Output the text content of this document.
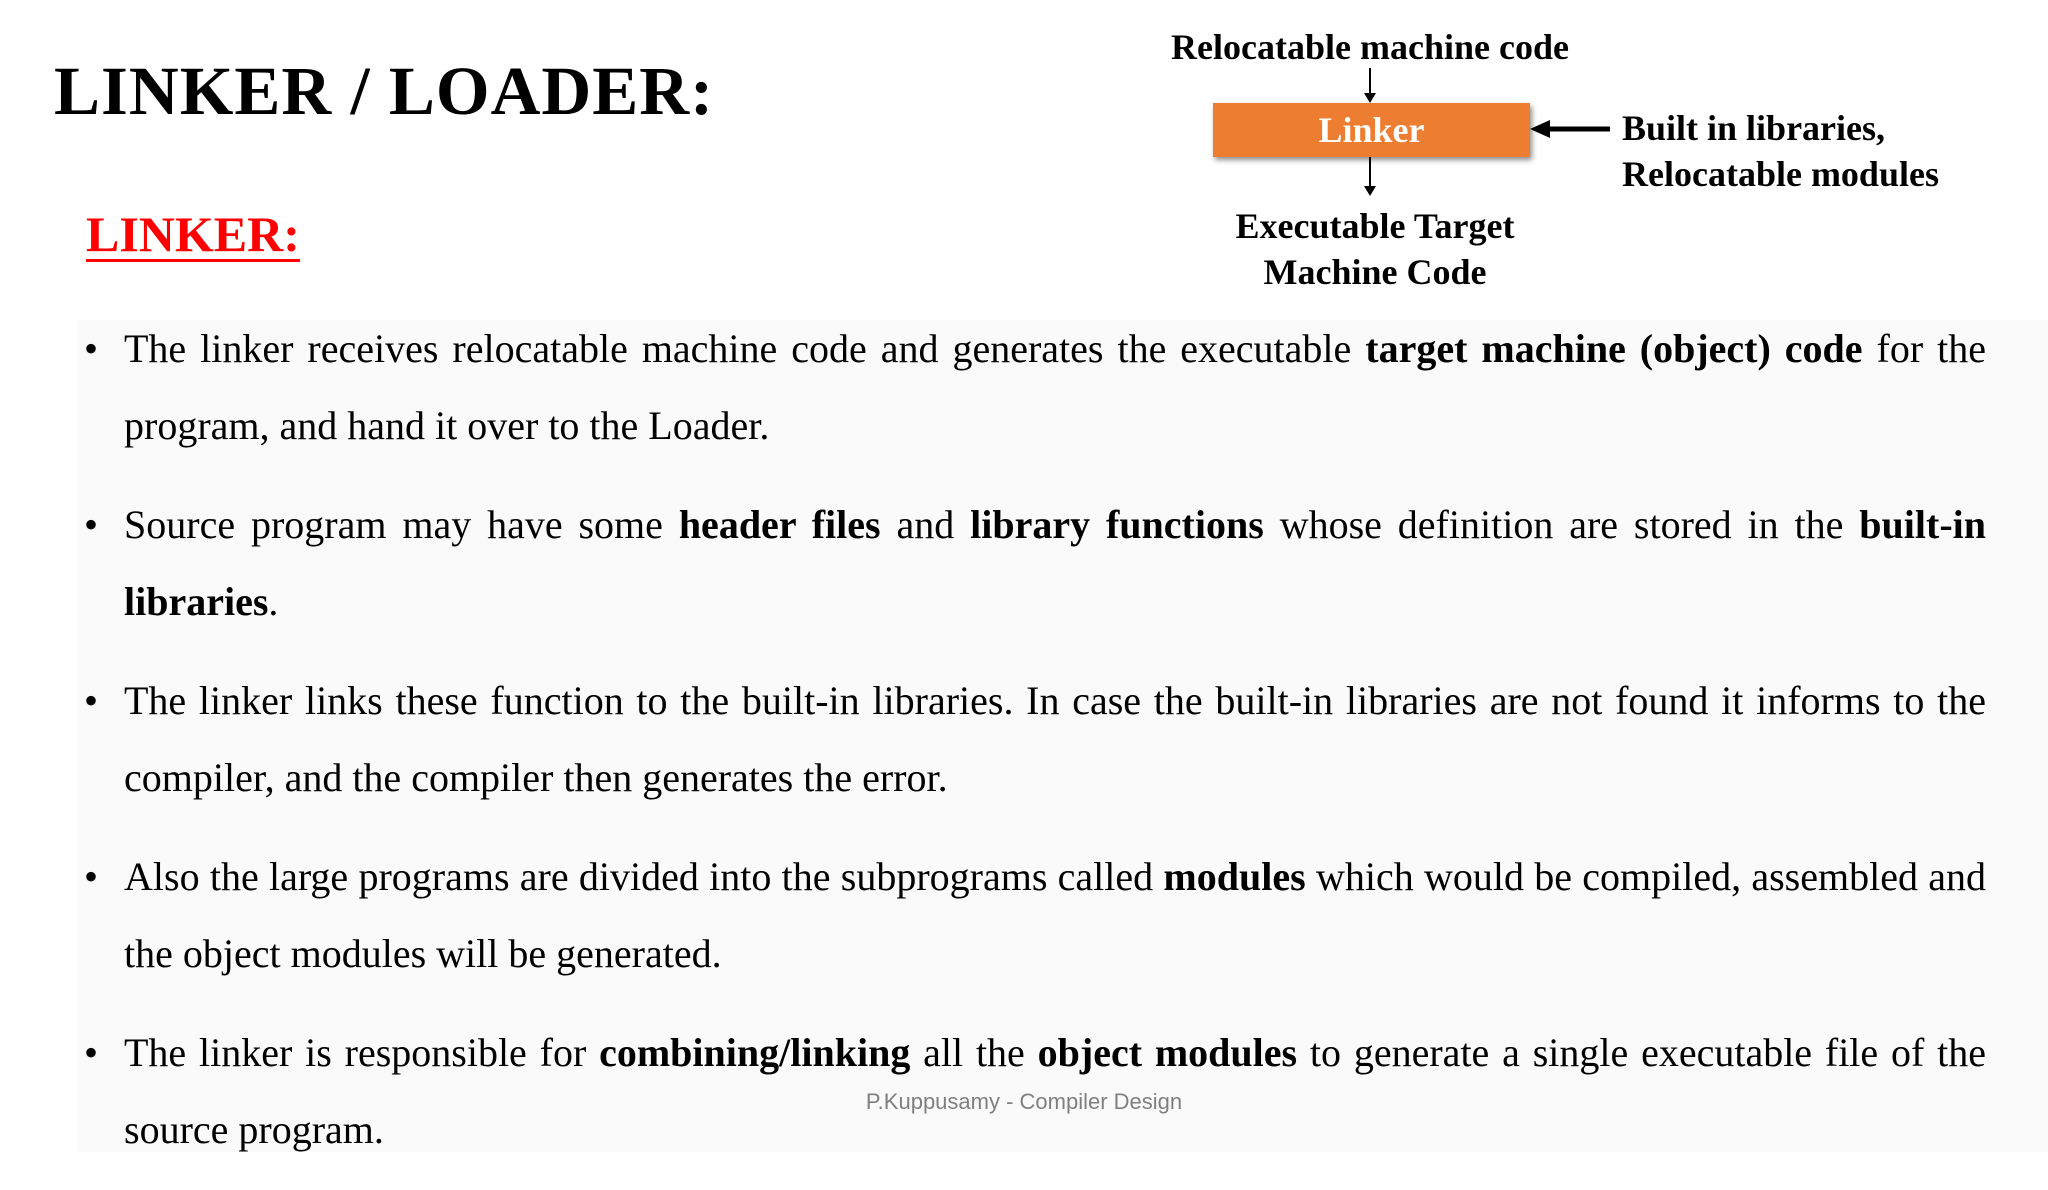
LINKER / LOADER:
LINKER:
Relocatable machine code
Linker	Built in libraries,
Relocatable modules
Executable Target
Machine Code
• The linker receives relocatable machine code and generates the executable target machine (object) code for the program, and hand it over to the Loader.
• Source program may have some header files and library functions whose definition are stored in the built-in libraries.
• The linker links these function to the built-in libraries. In case the built-in libraries are not found it informs to the compiler, and the compiler then generates the error.
• Also the large programs are divided into the subprograms called modules which would be compiled, assembled and the object modules will be generated.
• The linker is responsible for combining/linking all the object modules to generate a single executable file of the source program.
P.Kuppusamy - Compiler Design
